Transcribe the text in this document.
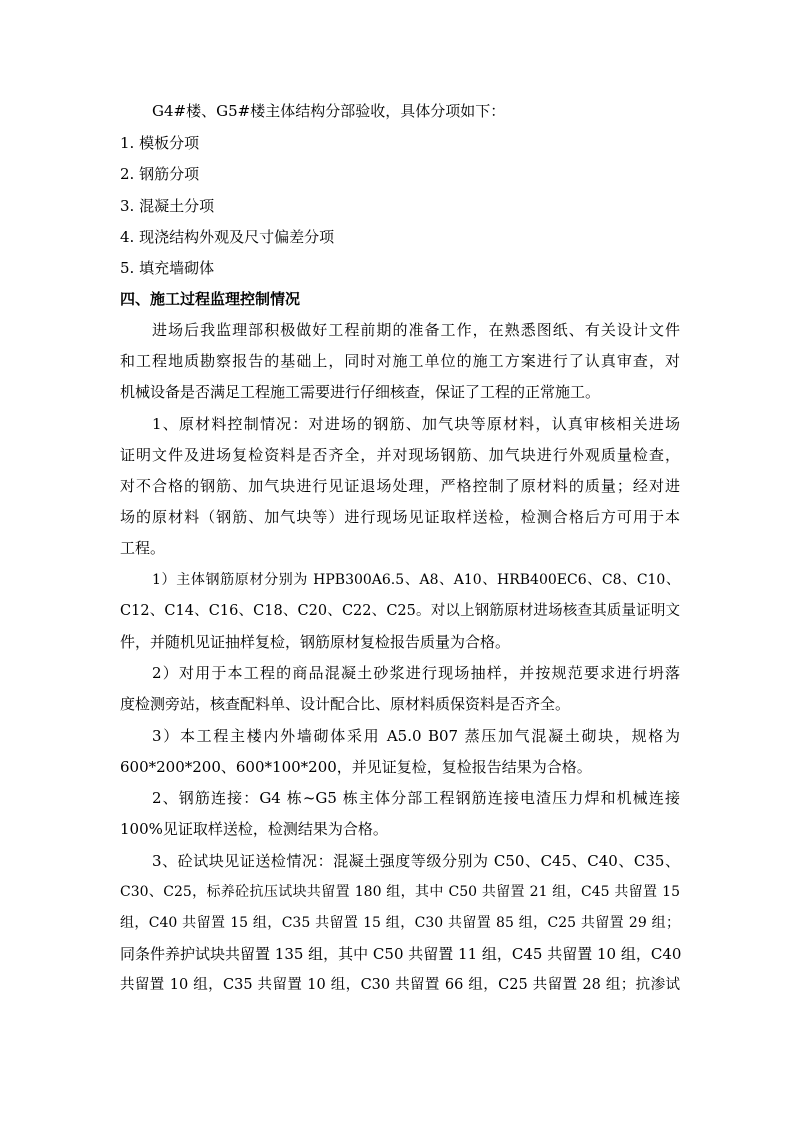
G4#楼、G5#楼主体结构分部验收，具体分项如下：
1. 模板分项
2. 钢筋分项
3. 混凝土分项
4. 现浇结构外观及尺寸偏差分项
5. 填充墙砌体
四、施工过程监理控制情况
进场后我监理部积极做好工程前期的准备工作，在熟悉图纸、有关设计文件
和工程地质勘察报告的基础上，同时对施工单位的施工方案进行了认真审查，对
机械设备是否满足工程施工需要进行仔细核查，保证了工程的正常施工。
1、原材料控制情况：对进场的钢筋、加气块等原材料，认真审核相关进场
证明文件及进场复检资料是否齐全，并对现场钢筋、加气块进行外观质量检查，
对不合格的钢筋、加气块进行见证退场处理，严格控制了原材料的质量；经对进
场的原材料（钢筋、加气块等）进行现场见证取样送检，检测合格后方可用于本
工程。
1）主体钢筋原材分别为 HPB300A6.5、A8、A10、HRB400EC6、C8、C10、
C12、C14、C16、C18、C20、C22、C25。对以上钢筋原材进场核查其质量证明文
件，并随机见证抽样复检，钢筋原材复检报告质量为合格。
2）对用于本工程的商品混凝土砂浆进行现场抽样，并按规范要求进行坍落
度检测旁站，核查配料单、设计配合比、原材料质保资料是否齐全。
3）本工程主楼内外墙砌体采用 A5.0 B07 蒸压加气混凝土砌块，规格为
600*200*200、600*100*200，并见证复检，复检报告结果为合格。
2、钢筋连接：G4 栋~G5 栋主体分部工程钢筋连接电渣压力焊和机械连接
100%见证取样送检，检测结果为合格。
3、砼试块见证送检情况：混凝土强度等级分别为 C50、C45、C40、C35、
C30、C25，标养砼抗压试块共留置 180 组，其中 C50 共留置 21 组，C45 共留置 15
组，C40 共留置 15 组，C35 共留置 15 组，C30 共留置 85 组，C25 共留置 29 组；
同条件养护试块共留置 135 组，其中 C50 共留置 11 组，C45 共留置 10 组，C40
共留置 10 组，C35 共留置 10 组，C30 共留置 66 组，C25 共留置 28 组；抗渗试
